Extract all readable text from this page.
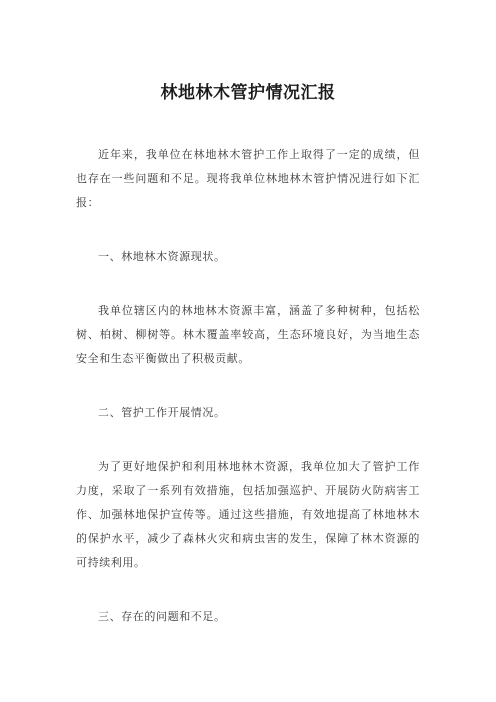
林地林木管护情况汇报

近年来，我单位在林地林木管护工作上取得了一定的成绩，但也存在一些问题和不足。现将我单位林地林木管护情况进行如下汇报：

一、林地林木资源现状。

我单位辖区内的林地林木资源丰富，涵盖了多种树种，包括松树、柏树、柳树等。林木覆盖率较高，生态环境良好，为当地生态安全和生态平衡做出了积极贡献。

二、管护工作开展情况。

为了更好地保护和利用林地林木资源，我单位加大了管护工作力度，采取了一系列有效措施，包括加强巡护、开展防火防病害工作、加强林地保护宣传等。通过这些措施，有效地提高了林地林木的保护水平，减少了森林火灾和病虫害的发生，保障了林木资源的可持续利用。

三、存在的问题和不足。
